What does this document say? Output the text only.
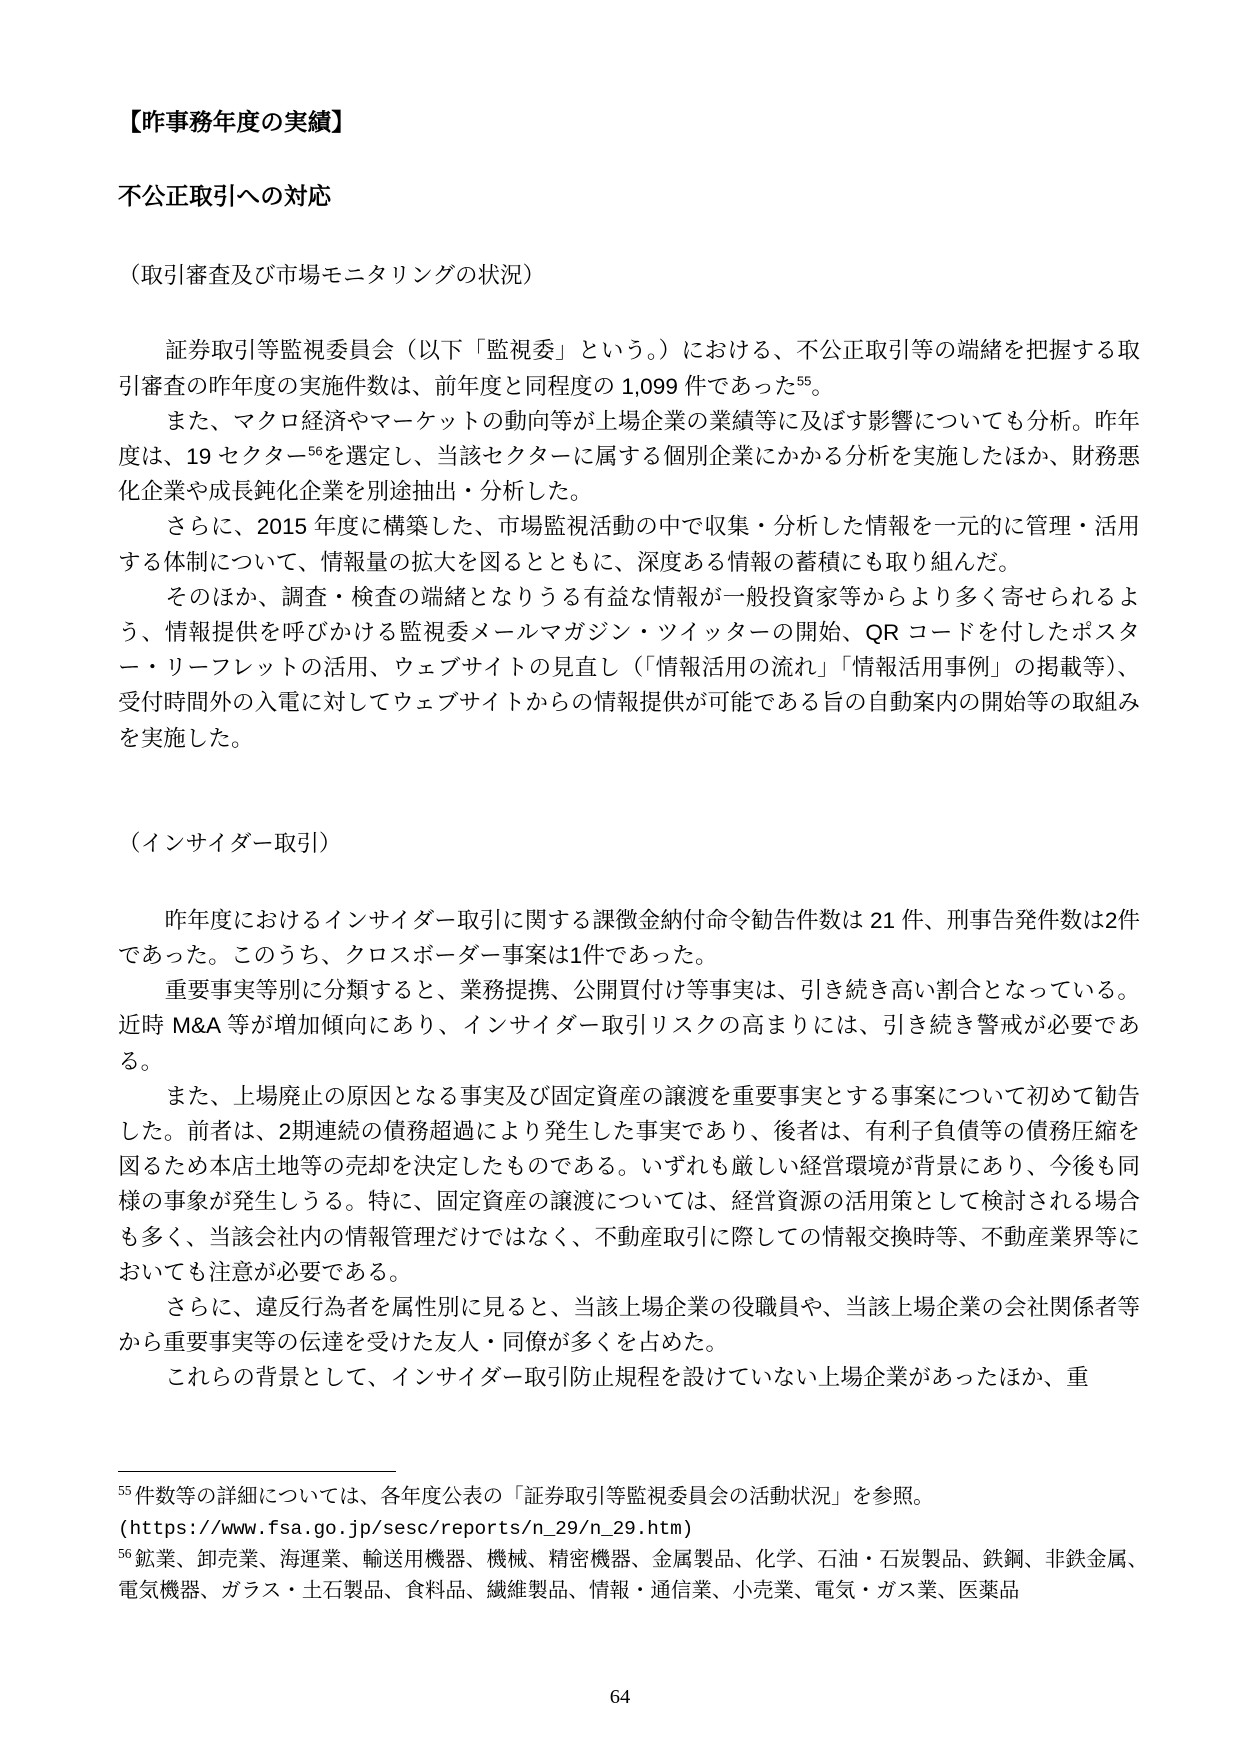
【昨事務年度の実績】
不公正取引への対応
（取引審査及び市場モニタリングの状況）

　証券取引等監視委員会（以下「監視委」という。）における、不公正取引等の端緒を把握する取引審査の昨年度の実施件数は、前年度と同程度の 1,099 件であった$^{55}$。

　また、マクロ経済やマーケットの動向等が上場企業の業績等に及ぼす影響についても分析。昨年度は、19 セクター$^{56}$を選定し、当該セクターに属する個別企業にかかる分析を実施したほか、財務悪化企業や成長鈍化企業を別途抽出・分析した。

　さらに、2015 年度に構築した、市場監視活動の中で収集・分析した情報を一元的に管理・活用する体制について、情報量の拡大を図るとともに、深度ある情報の蓄積にも取り組んだ。

　そのほか、調査・検査の端緒となりうる有益な情報が一般投資家等からより多く寄せられるよう、情報提供を呼びかける監視委メールマガジン・ツイッターの開始、QR コードを付したポスター・リーフレットの活用、ウェブサイトの見直し（「情報活用の流れ」「情報活用事例」の掲載等）、受付時間外の入電に対してウェブサイトからの情報提供が可能である旨の自動案内の開始等の取組みを実施した。

（インサイダー取引）

　昨年度におけるインサイダー取引に関する課徴金納付命令勧告件数は 21 件、刑事告発件数は2件であった。このうち、クロスボーダー事案は1件であった。

　重要事実等別に分類すると、業務提携、公開買付け等事実は、引き続き高い割合となっている。近時 M&A 等が増加傾向にあり、インサイダー取引リスクの高まりには、引き続き警戒が必要である。

　また、上場廃止の原因となる事実及び固定資産の譲渡を重要事実とする事案について初めて勧告した。前者は、2期連続の債務超過により発生した事実であり、後者は、有利子負債等の債務圧縮を図るため本店土地等の売却を決定したものである。いずれも厳しい経営環境が背景にあり、今後も同様の事象が発生しうる。特に、固定資産の譲渡については、経営資源の活用策として検討される場合も多く、当該会社内の情報管理だけではなく、不動産取引に際しての情報交換時等、不動産業界等においても注意が必要である。

　さらに、違反行為者を属性別に見ると、当該上場企業の役職員や、当該上場企業の会社関係者等から重要事実等の伝達を受けた友人・同僚が多くを占めた。

　これらの背景として、インサイダー取引防止規程を設けていない上場企業があったほか、重

$^{55}$ 件数等の詳細については、各年度公表の「証券取引等監視委員会の活動状況」を参照。

(https://www.fsa.go.jp/sesc/reports/n_29/n_29.htm)

$^{56}$ 鉱業、卸売業、海運業、輸送用機器、機械、精密機器、金属製品、化学、石油・石炭製品、鉄鋼、非鉄金属、電気機器、ガラス・土石製品、食料品、繊維製品、情報・通信業、小売業、電気・ガス業、医薬品

64
